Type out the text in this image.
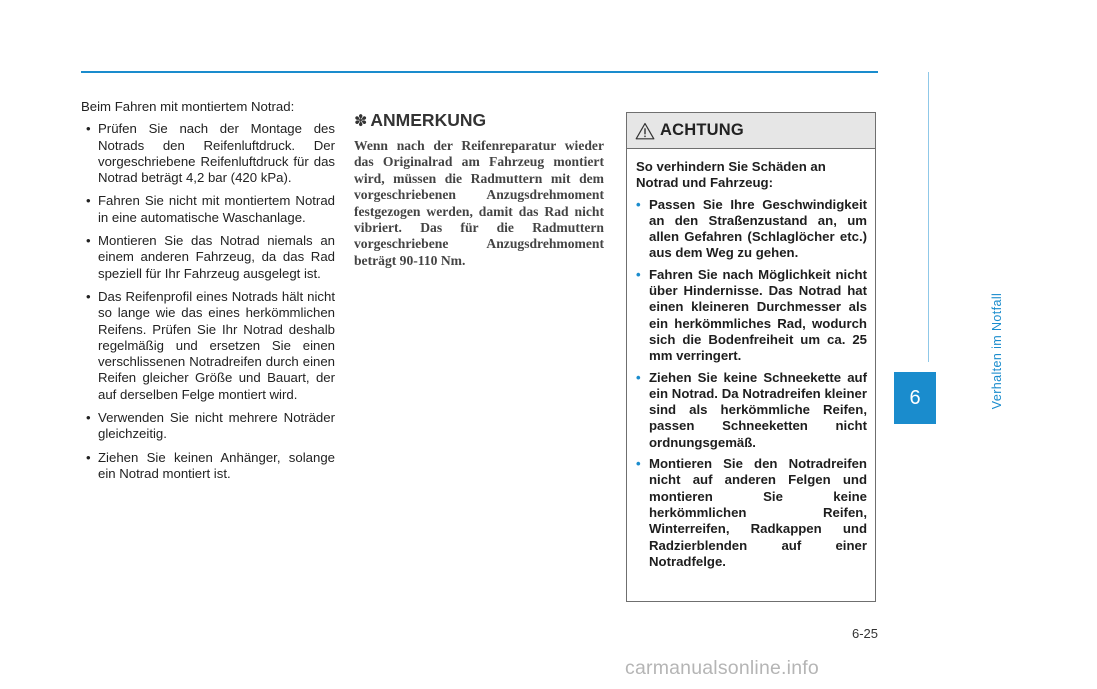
Beim Fahren mit montiertem Notrad:

• Prüfen Sie nach der Montage des Notrads den Reifenluftdruck. Der vorgeschriebene Reifenluftdruck für das Notrad beträgt 4,2 bar (420 kPa).
• Fahren Sie nicht mit montiertem Notrad in eine automatische Waschanlage.
• Montieren Sie das Notrad niemals an einem anderen Fahrzeug, da das Rad speziell für Ihr Fahrzeug ausgelegt ist.
• Das Reifenprofil eines Notrads hält nicht so lange wie das eines herkömmlichen Reifens. Prüfen Sie Ihr Notrad deshalb regelmäßig und ersetzen Sie einen verschlissenen Notradreifen durch einen Reifen gleicher Größe und Bauart, der auf derselben Felge montiert wird.
• Verwenden Sie nicht mehrere Noträder gleichzeitig.
• Ziehen Sie keinen Anhänger, solange ein Notrad montiert ist.
✽ ANMERKUNG

Wenn nach der Reifenreparatur wieder das Originalrad am Fahrzeug montiert wird, müssen die Radmuttern mit dem vorgeschriebenen Anzugsdrehmoment festgezogen werden, damit das Rad nicht vibriert. Das für die Radmuttern vorgeschriebene Anzugsdrehmoment beträgt 90-110 Nm.

ACHTUNG

So verhindern Sie Schäden an Notrad und Fahrzeug:

• Passen Sie Ihre Geschwindigkeit an den Straßenzustand an, um allen Gefahren (Schlaglöcher etc.) aus dem Weg zu gehen.
• Fahren Sie nach Möglichkeit nicht über Hindernisse. Das Notrad hat einen kleineren Durchmesser als ein herkömmliches Rad, wodurch sich die Bodenfreiheit um ca. 25 mm verringert.
• Ziehen Sie keine Schneekette auf ein Notrad. Da Notradreifen kleiner sind als herkömmliche Reifen, passen Schneeketten nicht ordnungsgemäß.
• Montieren Sie den Notradreifen nicht auf anderen Felgen und montieren Sie keine herkömmlichen Reifen, Winterreifen, Radkappen und Radzierblenden auf einer Notradfelge.
Verhalten im Notfall
6
6-25
carmanualsonline.info
